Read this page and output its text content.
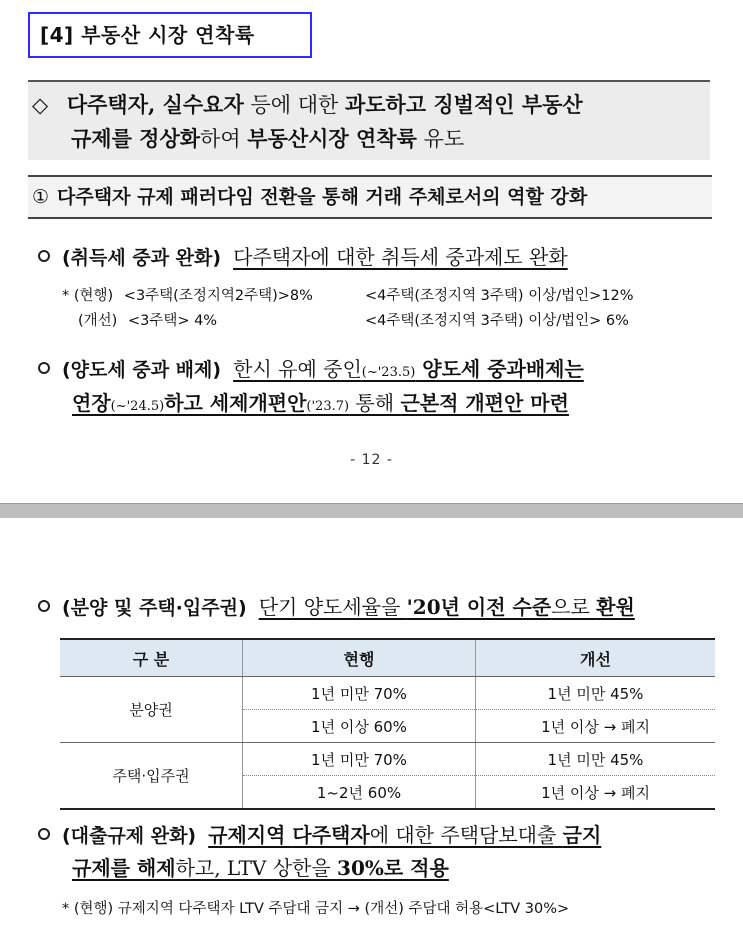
[4] 부동산 시장 연착륙
◇ 다주택자, 실수요자 등에 대한 과도하고 징벌적인 부동산
규제를 정상화하여 부동산시장 연착륙 유도
① 다주택자 규제 패러다임 전환을 통해 거래 주체로서의 역할 강화
(취득세 중과 완화) 다주택자에 대한 취득세 중과제도 완화
* (현행) <3주택(조정지역2주택)>8%	<4주택(조정지역 3주택) 이상/법인>12%
(개선) <3주택> 4%	<4주택(조정지역 3주택) 이상/법인> 6%
(양도세 중과 배제) 한시 유예 중인(~'23.5) 양도세 중과배제는
연장(~'24.5)하고 세제개편안('23.7) 통해 근본적 개편안 마련
- 12 -
(분양 및 주택·입주권) 단기 양도세율을 '20년 이전 수준으로 환원
구 분	현행	개선
분양권	1년 미만 70%	1년 미만 45%
	1년 이상 60%	1년 이상 → 폐지
주택·입주권	1년 미만 70%	1년 미만 45%
	1~2년 60%	1년 이상 → 폐지
(대출규제 완화) 규제지역 다주택자에 대한 주택담보대출 금지
규제를 해제하고, LTV 상한을 30%로 적용
* (현행) 규제지역 다주택자 LTV 주담대 금지 → (개선) 주담대 허용<LTV 30%>
